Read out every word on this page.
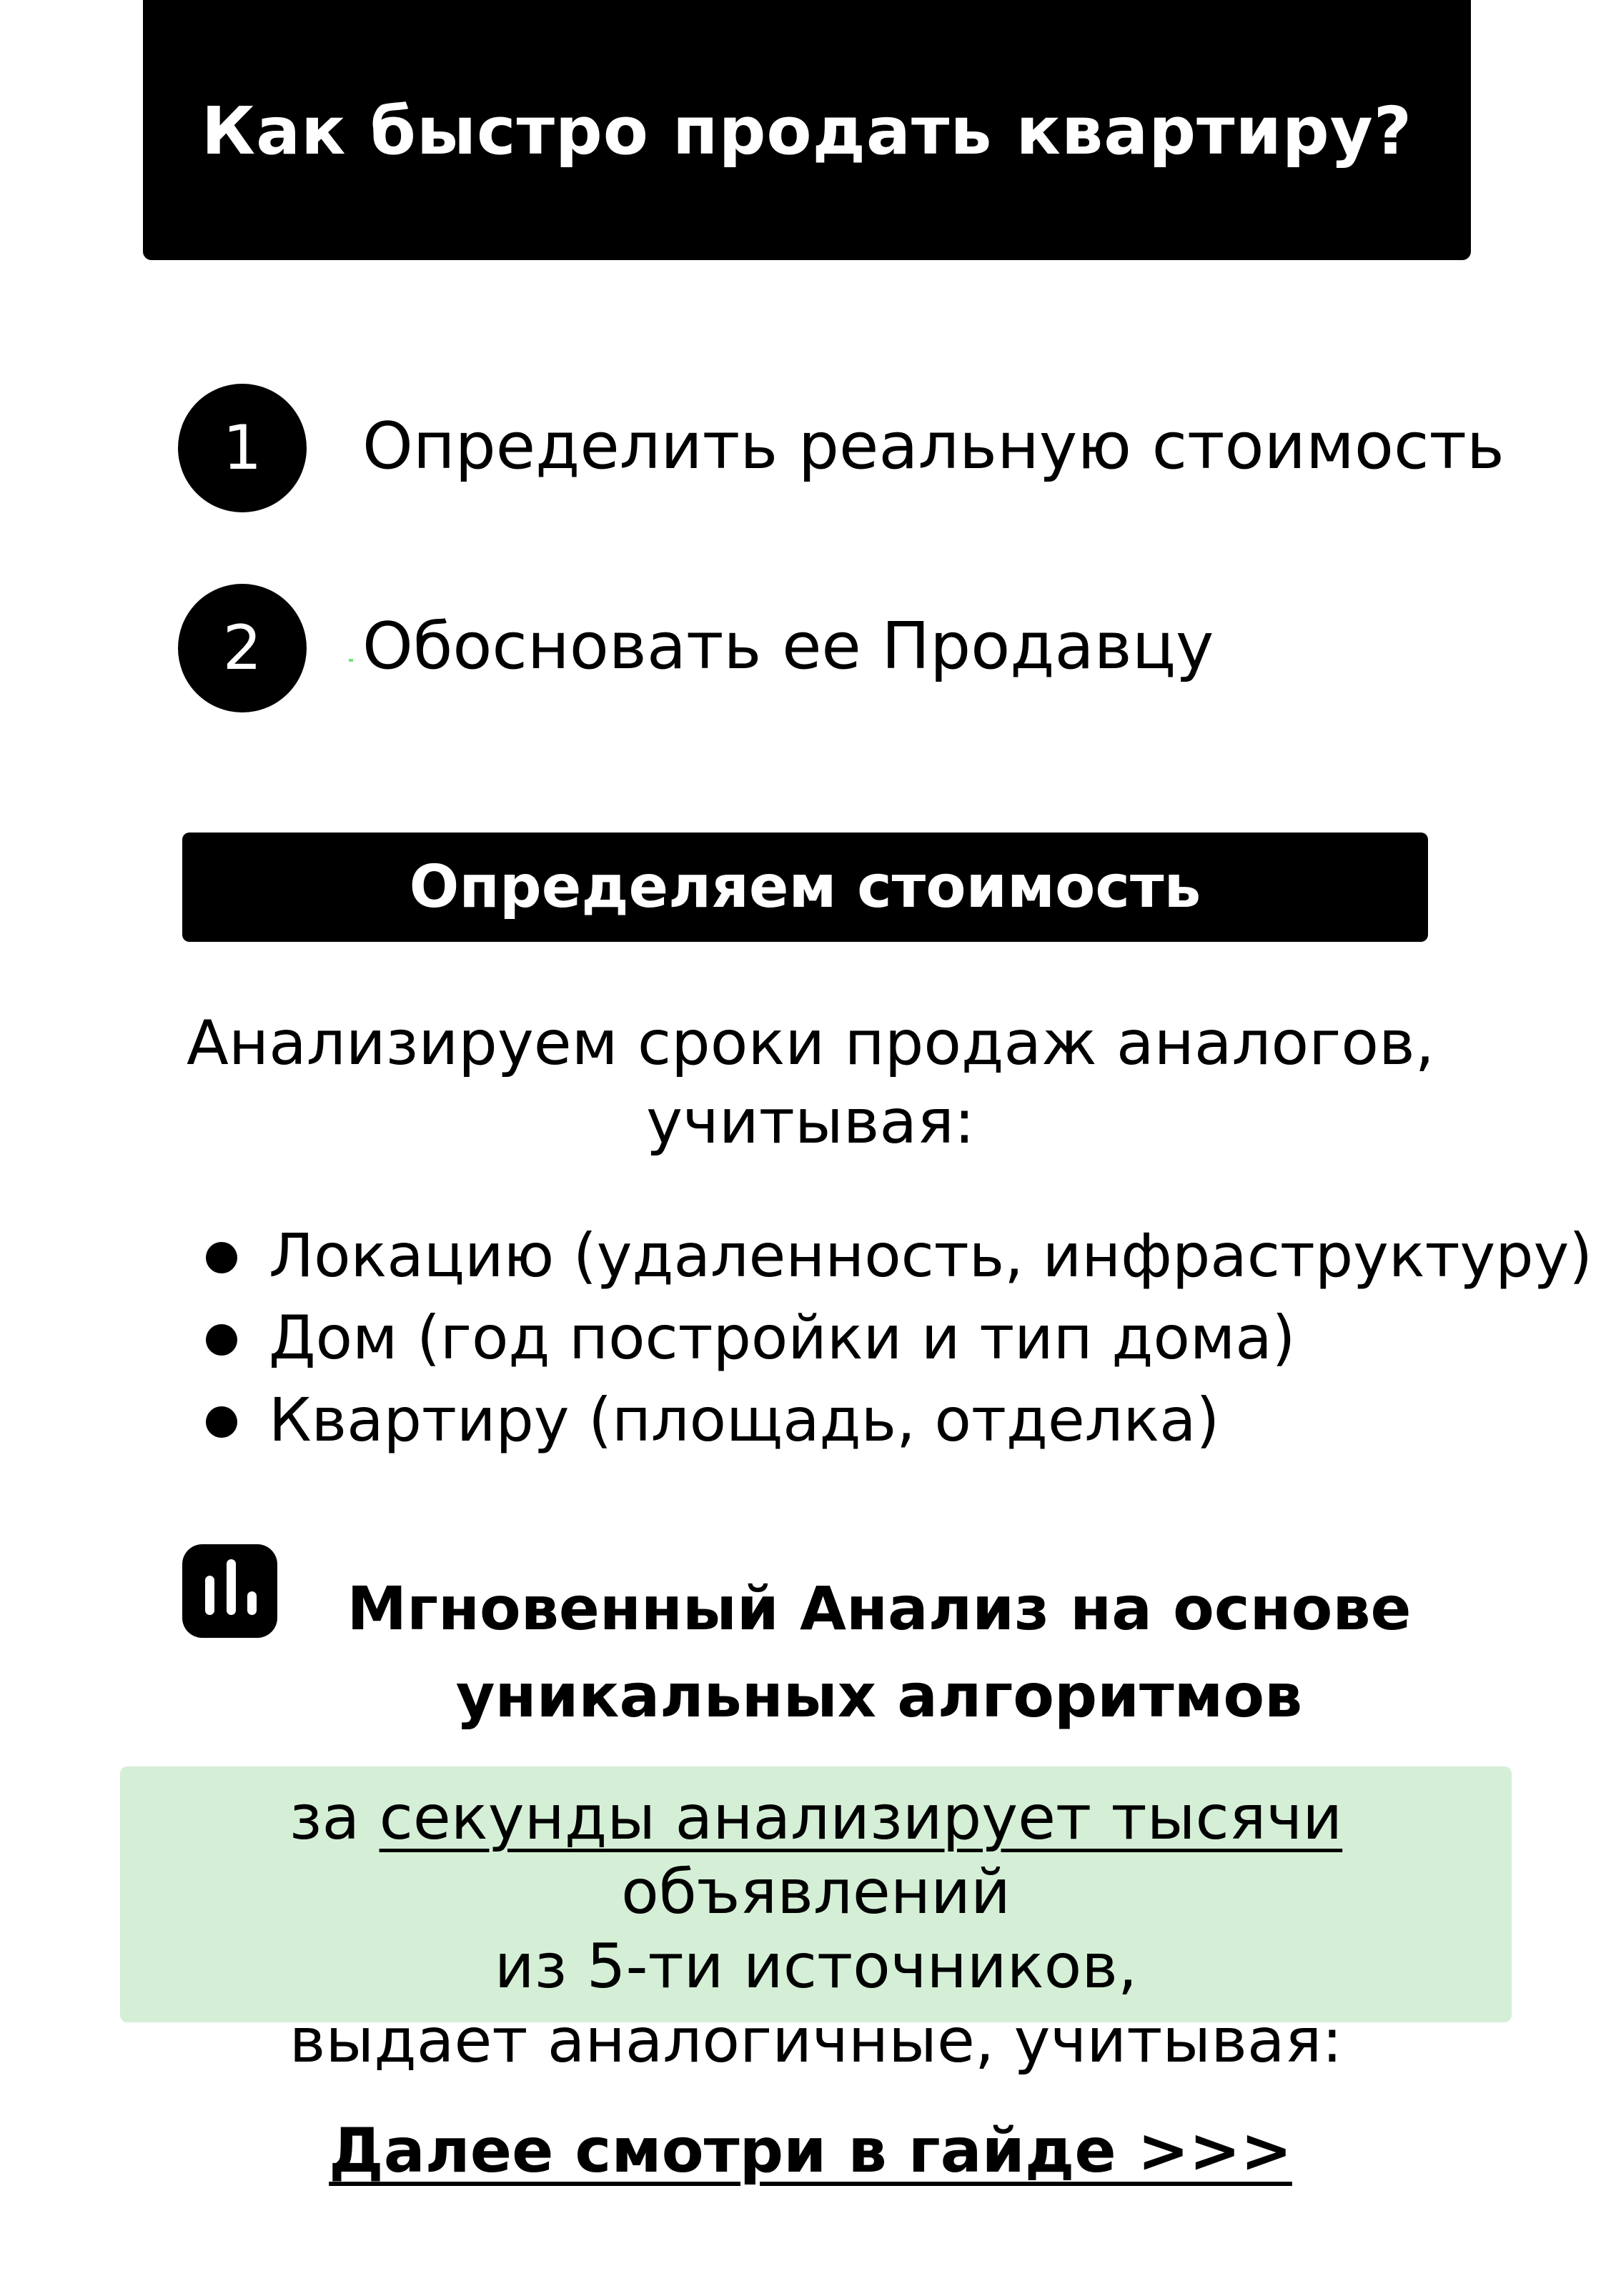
Как быстро продать квартиру?
1	Определить реальную стоимость
2	Обосновать ее Продавцу
Определяем стоимость
Анализируем сроки продаж аналогов,
учитывая:
Локацию (удаленность, инфраструктуру)
Дом (год постройки и тип дома)
Квартиру (площадь, отделка)
Мгновенный Анализ на основе
уникальных алгоритмов
за секунды анализирует тысячи объявлений
из 5-ти источников,
выдает аналогичные, учитывая:
Далее смотри в гайде >>>
